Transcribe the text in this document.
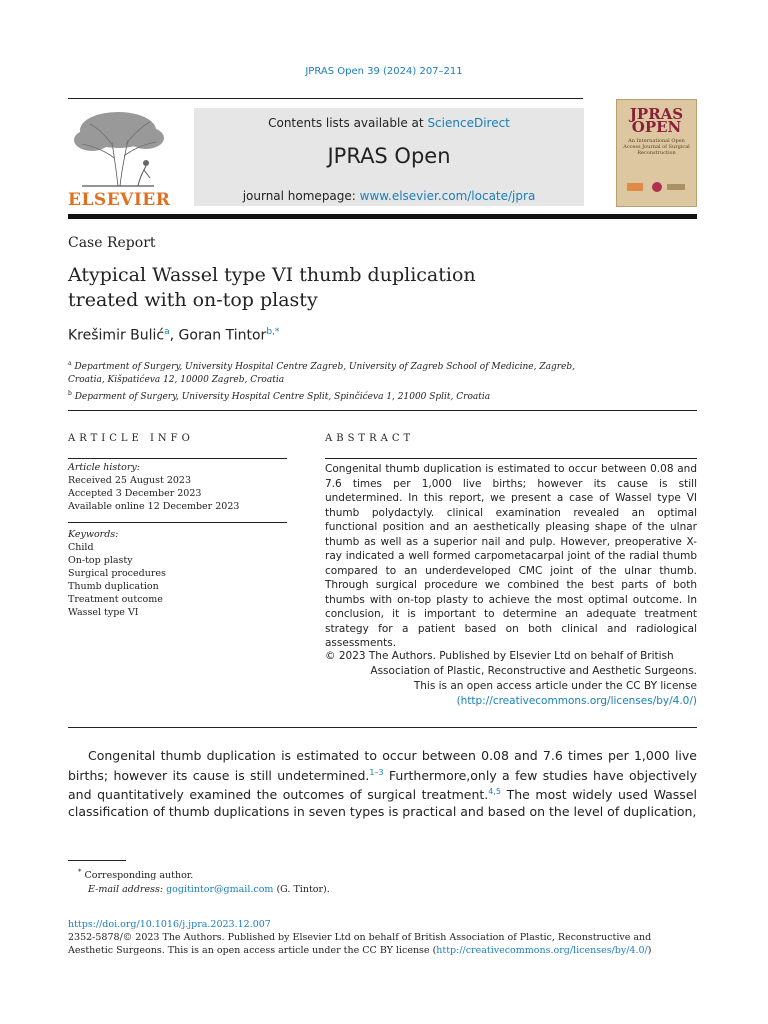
JPRAS Open 39 (2024) 207–211
ELSEVIER
Contents lists available at ScienceDirect
JPRAS Open
journal homepage: www.elsevier.com/locate/jpra
JPRAS
OPEN
An International Open Access Journal of Surgical Reconstruction
Case Report
Atypical Wassel type VI thumb duplication
treated with on-top plasty
Krešimir Bulić$^a$, Goran Tintor$^{b,*}$
$^a$ Department of Surgery, University Hospital Centre Zagreb, University of Zagreb School of Medicine, Zagreb,
Croatia, Kišpatićeva 12, 10000 Zagreb, Croatia
$^b$ Deparment of Surgery, University Hospital Centre Split, Spinčićeva 1, 21000 Split, Croatia
ARTICLE INFO
Article history:
Received 25 August 2023
Accepted 3 December 2023
Available online 12 December 2023
Keywords:
Child
On-top plasty
Surgical procedures
Thumb duplication
Treatment outcome
Wassel type VI
ABSTRACT
Congenital thumb duplication is estimated to occur between 0.08 and 7.6 times per 1,000 live births; however its cause is still undetermined. In this report, we present a case of Wassel type VI thumb polydactyly. clinical examination revealed an optimal functional position and an aesthetically pleasing shape of the ulnar thumb as well as a superior nail and pulp. However, preoperative X-ray indicated a well formed carpometacarpal joint of the radial thumb compared to an underdeveloped CMC joint of the ulnar thumb. Through surgical procedure we combined the best parts of both thumbs with on-top plasty to achieve the most optimal outcome. In conclusion, it is important to determine an adequate treatment strategy for a patient based on both clinical and radiological assessments.
© 2023 The Authors. Published by Elsevier Ltd on behalf of British
Association of Plastic, Reconstructive and Aesthetic Surgeons.
This is an open access article under the CC BY license
(http://creativecommons.org/licenses/by/4.0/)
Congenital thumb duplication is estimated to occur between 0.08 and 7.6 times per 1,000 live births; however its cause is still undetermined.$^{1-3}$ Furthermore,only a few studies have objectively and quantitatively examined the outcomes of surgical treatment.$^{4,5}$ The most widely used Wassel classification of thumb duplications in seven types is practical and based on the level of duplication,
* Corresponding author.
E-mail address: gogitintor@gmail.com (G. Tintor).
https://doi.org/10.1016/j.jpra.2023.12.007
2352-5878/© 2023 The Authors. Published by Elsevier Ltd on behalf of British Association of Plastic, Reconstructive and
Aesthetic Surgeons. This is an open access article under the CC BY license (http://creativecommons.org/licenses/by/4.0/)
